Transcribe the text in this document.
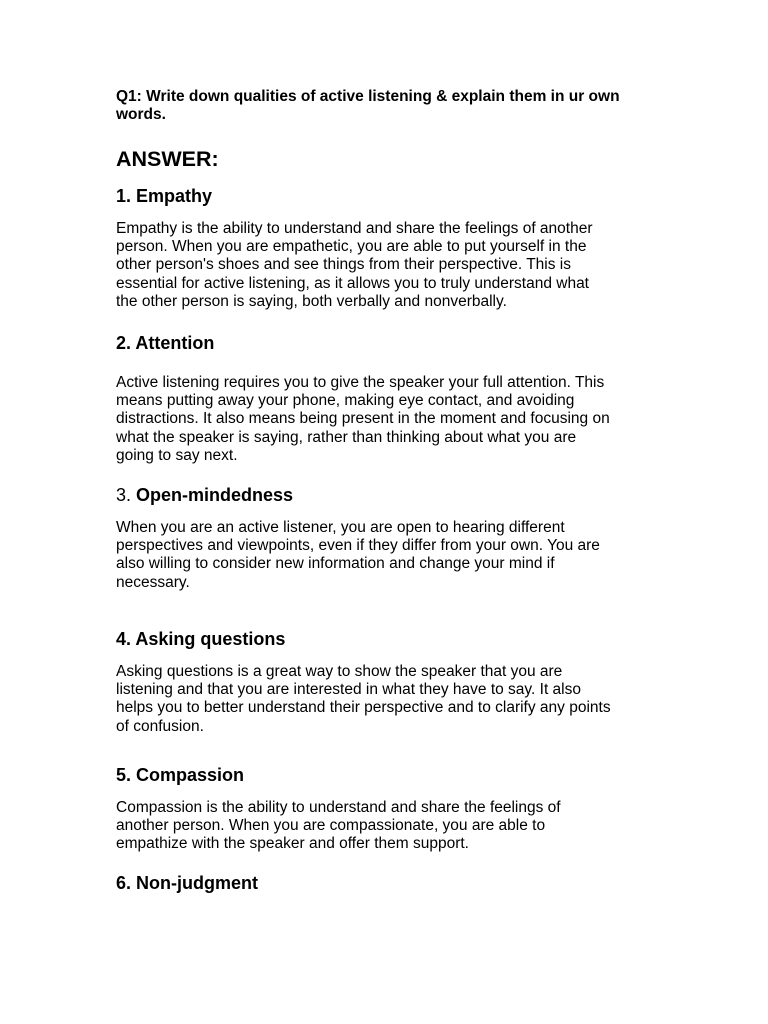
Q1: Write down qualities of active listening & explain them in ur own words.

ANSWER:
1. Empathy
Empathy is the ability to understand and share the feelings of another
person. When you are empathetic, you are able to put yourself in the
other person's shoes and see things from their perspective. This is
essential for active listening, as it allows you to truly understand what
the other person is saying, both verbally and nonverbally.
2. Attention
Active listening requires you to give the speaker your full attention. This
means putting away your phone, making eye contact, and avoiding
distractions. It also means being present in the moment and focusing on
what the speaker is saying, rather than thinking about what you are
going to say next.
3. Open-mindedness
When you are an active listener, you are open to hearing different
perspectives and viewpoints, even if they differ from your own. You are
also willing to consider new information and change your mind if
necessary.
4. Asking questions
Asking questions is a great way to show the speaker that you are
listening and that you are interested in what they have to say. It also
helps you to better understand their perspective and to clarify any points
of confusion.
5. Compassion
Compassion is the ability to understand and share the feelings of
another person. When you are compassionate, you are able to
empathize with the speaker and offer them support.
6. Non-judgment
